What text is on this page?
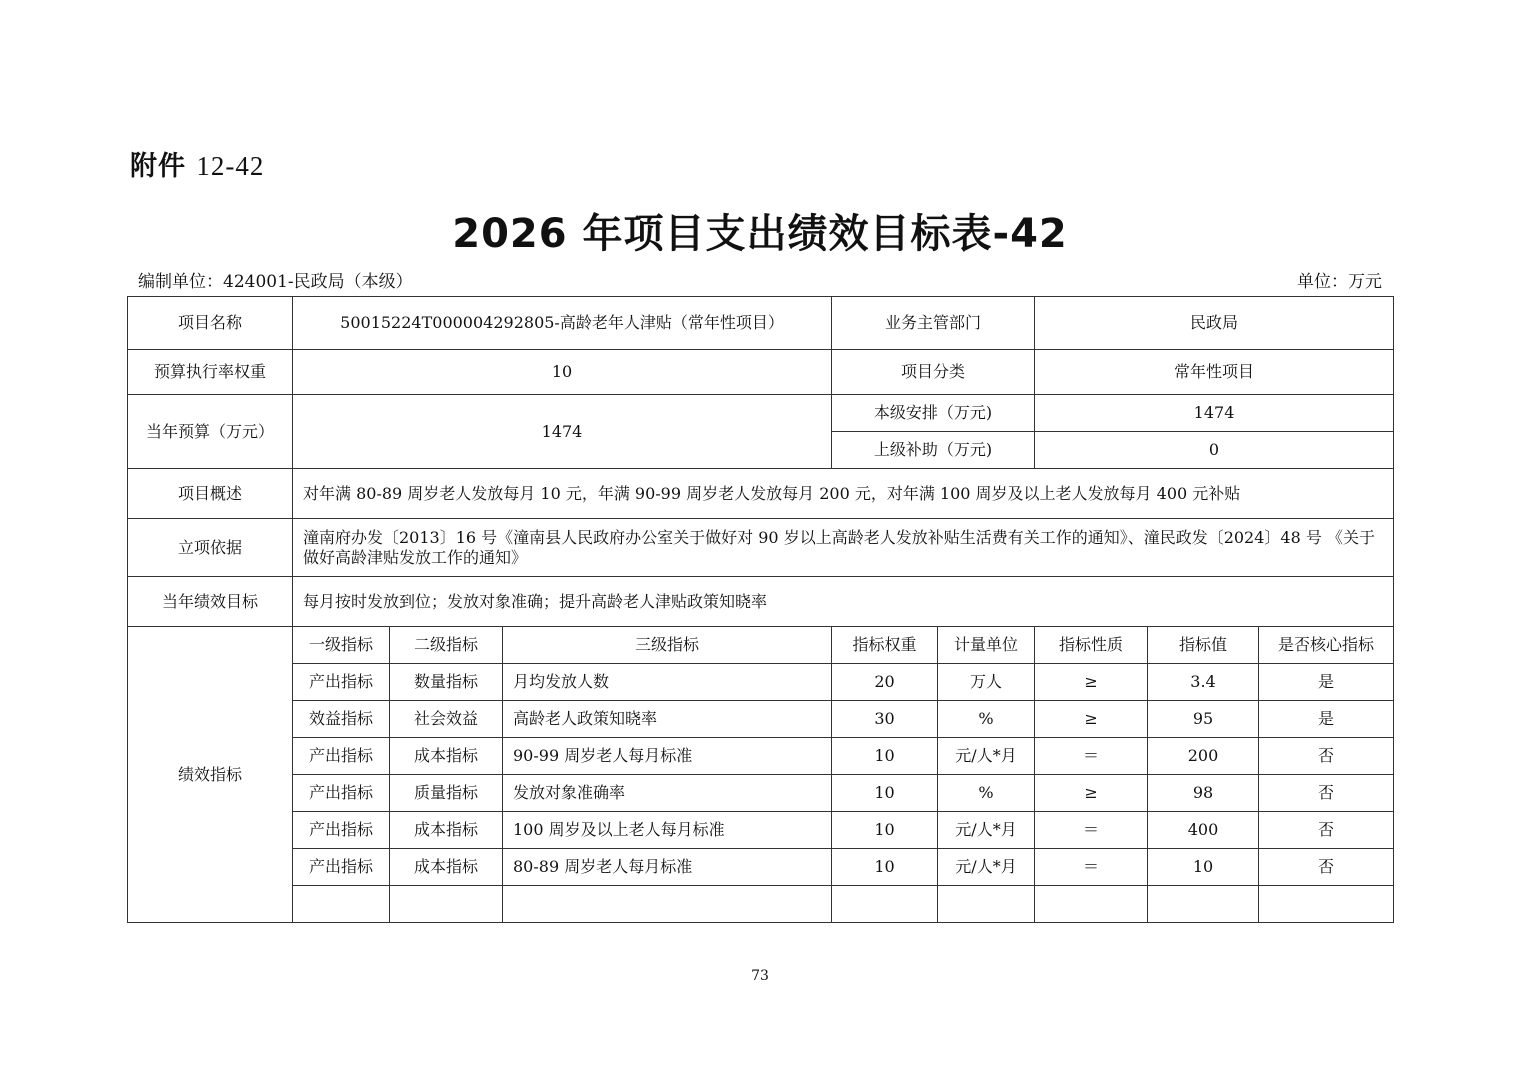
附件 12-42
2026 年项目支出绩效目标表-42
编制单位：424001-民政局（本级）	单位：万元
项目名称	50015224T000004292805-高龄老年人津贴（常年性项目）			业务主管部门		民政局		
预算执行率权重	10			项目分类		常年性项目		
当年预算（万元）	1474			本级安排（万元)		1474		
				上级补助（万元)		0		
项目概述	对年满 80-89 周岁老人发放每月 10 元，年满 90-99 周岁老人发放每月 200 元，对年满 100 周岁及以上老人发放每月 400 元补贴							
立项依据	潼南府办发〔2013〕16 号《潼南县人民政府办公室关于做好对 90 岁以上高龄老人发放补贴生活费有关工作的通知》、潼民政发〔2024〕48 号 《关于做好高龄津贴发放工作的通知》							
当年绩效目标	每月按时发放到位；发放对象准确；提升高龄老人津贴政策知晓率							
绩效指标	一级指标	二级指标	三级指标	指标权重	计量单位	指标性质	指标值	是否核心指标
	产出指标	数量指标	月均发放人数	20	万人	≥	3.4	是
	效益指标	社会效益	高龄老人政策知晓率	30	%	≥	95	是
	产出指标	成本指标	90-99 周岁老人每月标准	10	元/人*月	＝	200	否
	产出指标	质量指标	发放对象准确率	10	%	≥	98	否
	产出指标	成本指标	100 周岁及以上老人每月标准	10	元/人*月	＝	400	否
	产出指标	成本指标	80-89 周岁老人每月标准	10	元/人*月	＝	10	否

73
